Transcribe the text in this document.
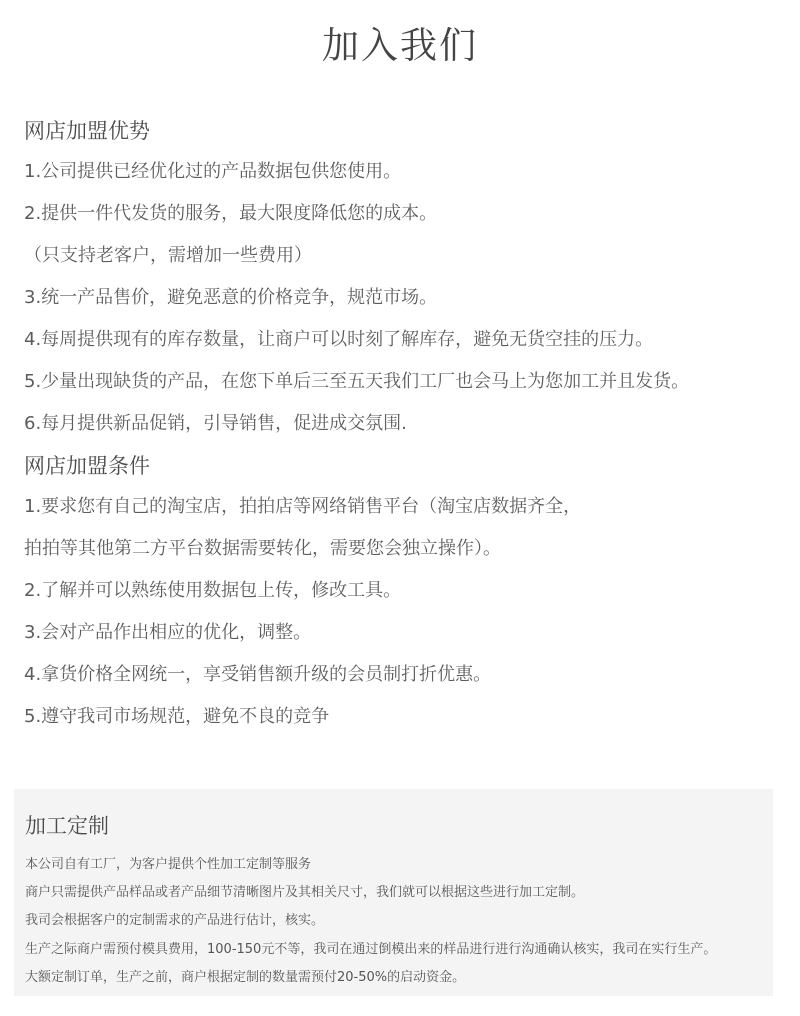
加入我们
网店加盟优势
1.公司提供已经优化过的产品数据包供您使用。
2.提供一件代发货的服务，最大限度降低您的成本。
（只支持老客户，需增加一些费用）
3.统一产品售价，避免恶意的价格竞争，规范市场。
4.每周提供现有的库存数量，让商户可以时刻了解库存，避免无货空挂的压力。
5.少量出现缺货的产品，在您下单后三至五天我们工厂也会马上为您加工并且发货。
6.每月提供新品促销，引导销售，促进成交氛围.
网店加盟条件
1.要求您有自己的淘宝店，拍拍店等网络销售平台（淘宝店数据齐全，
拍拍等其他第二方平台数据需要转化，需要您会独立操作）。
2.了解并可以熟练使用数据包上传，修改工具。
3.会对产品作出相应的优化，调整。
4.拿货价格全网统一，享受销售额升级的会员制打折优惠。
5.遵守我司市场规范，避免不良的竞争
加工定制
本公司自有工厂，为客户提供个性加工定制等服务
商户只需提供产品样品或者产品细节清晰图片及其相关尺寸，我们就可以根据这些进行加工定制。
我司会根据客户的定制需求的产品进行估计，核实。
生产之际商户需预付模具费用，100-150元不等，我司在通过倒模出来的样品进行进行沟通确认核实，我司在实行生产。
大额定制订单，生产之前，商户根据定制的数量需预付20-50%的启动资金。
